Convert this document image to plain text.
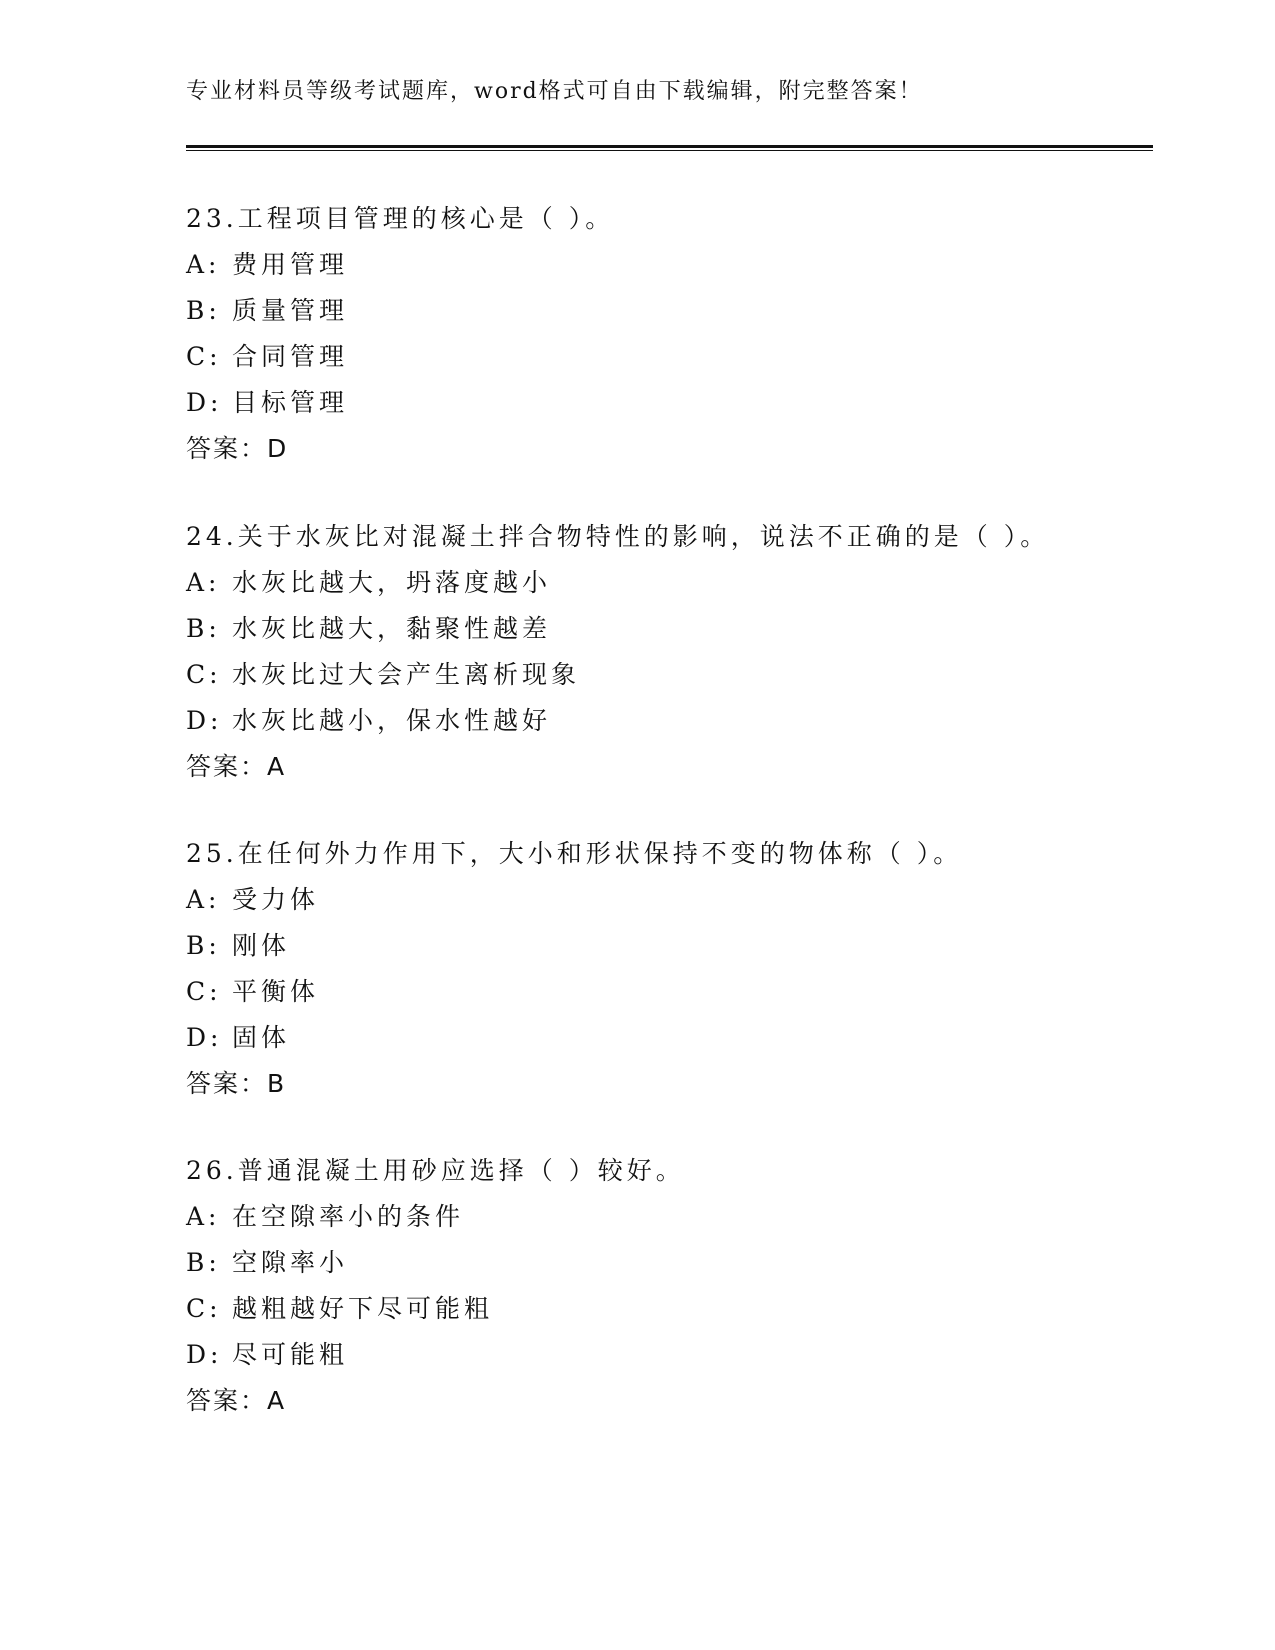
专业材料员等级考试题库，word格式可自由下载编辑，附完整答案！
23.工程项目管理的核心是（ ）。
A: 费用管理
B: 质量管理
C: 合同管理
D: 目标管理
答案：D
24.关于水灰比对混凝土拌合物特性的影响，说法不正确的是（ ）。
A: 水灰比越大，坍落度越小
B: 水灰比越大，黏聚性越差
C: 水灰比过大会产生离析现象
D: 水灰比越小，保水性越好
答案：A
25.在任何外力作用下，大小和形状保持不变的物体称（ ）。
A: 受力体
B: 刚体
C: 平衡体
D: 固体
答案：B
26.普通混凝土用砂应选择（ ）较好。
A: 在空隙率小的条件
B: 空隙率小
C: 越粗越好下尽可能粗
D: 尽可能粗
答案：A
